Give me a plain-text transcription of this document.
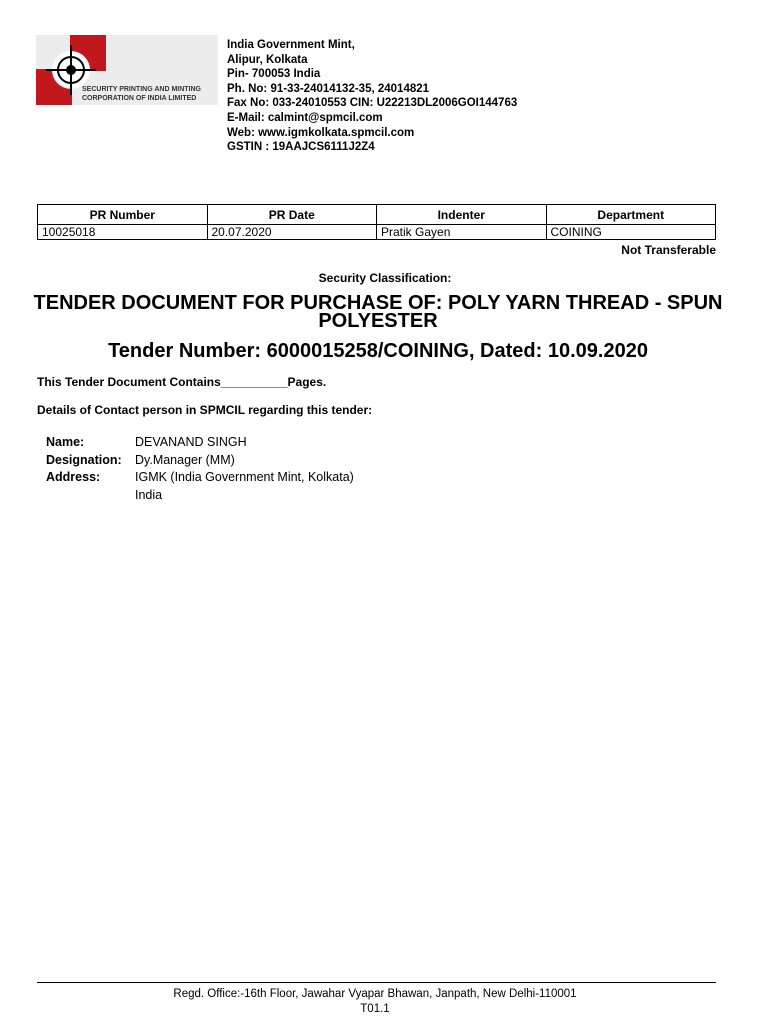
SECURITY PRINTING AND MINTING
CORPORATION OF INDIA LIMITED
India Government Mint,
Alipur, Kolkata
Pin- 700053 India
Ph. No: 91-33-24014132-35, 24014821
Fax No: 033-24010553 CIN: U22213DL2006GOI144763
E-Mail: calmint@spmcil.com
Web: www.igmkolkata.spmcil.com
GSTIN : 19AAJCS6111J2Z4
PR Number	PR Date	Indenter	Department
10025018	20.07.2020	Pratik Gayen	COINING
Not Transferable
Security Classification:
TENDER DOCUMENT FOR PURCHASE OF: POLY YARN THREAD - SPUN POLYESTER
Tender Number: 6000015258/COINING, Dated: 10.09.2020
This Tender Document Contains__________Pages.
Details of Contact person in SPMCIL regarding this tender:
Name:	DEVANAND SINGH
Designation:	Dy.Manager (MM)
Address:	IGMK (India Government Mint, Kolkata)
India
Regd. Office:-16th Floor, Jawahar Vyapar Bhawan, Janpath, New Delhi-110001
T01.1
